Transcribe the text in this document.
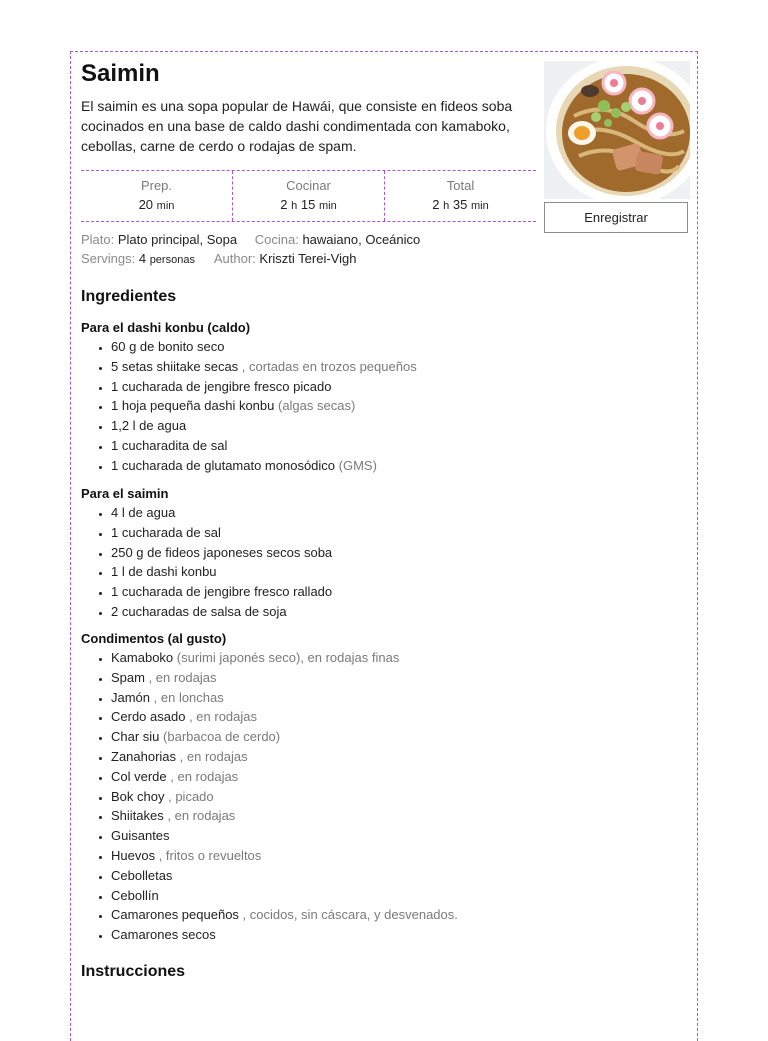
Saimin
El saimin es una sopa popular de Hawái, que consiste en fideos soba cocinados en una base de caldo dashi condimentada con kamaboko, cebollas, carne de cerdo o rodajas de spam.
Enregistrar
Prep.
20 min
Cocinar
2 h 15 min
Total
2 h 35 min
Plato: Plato principal, Sopa Cocina: hawaiano, Oceánico
Servings: 4 personas Author: Kriszti Terei-Vigh
Ingredientes
Para el dashi konbu (caldo)
• 60 g de bonito seco
• 5 setas shiitake secas , cortadas en trozos pequeños
• 1 cucharada de jengibre fresco picado
• 1 hoja pequeña dashi konbu (algas secas)
• 1,2 l de agua
• 1 cucharadita de sal
• 1 cucharada de glutamato monosódico (GMS)
Para el saimin
• 4 l de agua
• 1 cucharada de sal
• 250 g de fideos japoneses secos soba
• 1 l de dashi konbu
• 1 cucharada de jengibre fresco rallado
• 2 cucharadas de salsa de soja
Condimentos (al gusto)
• Kamaboko (surimi japonés seco), en rodajas finas
• Spam , en rodajas
• Jamón , en lonchas
• Cerdo asado , en rodajas
• Char siu (barbacoa de cerdo)
• Zanahorias , en rodajas
• Col verde , en rodajas
• Bok choy , picado
• Shiitakes , en rodajas
• Guisantes
• Huevos , fritos o revueltos
• Cebolletas
• Cebollín
• Camarones pequeños , cocidos, sin cáscara, y desvenados.
• Camarones secos
Instrucciones
